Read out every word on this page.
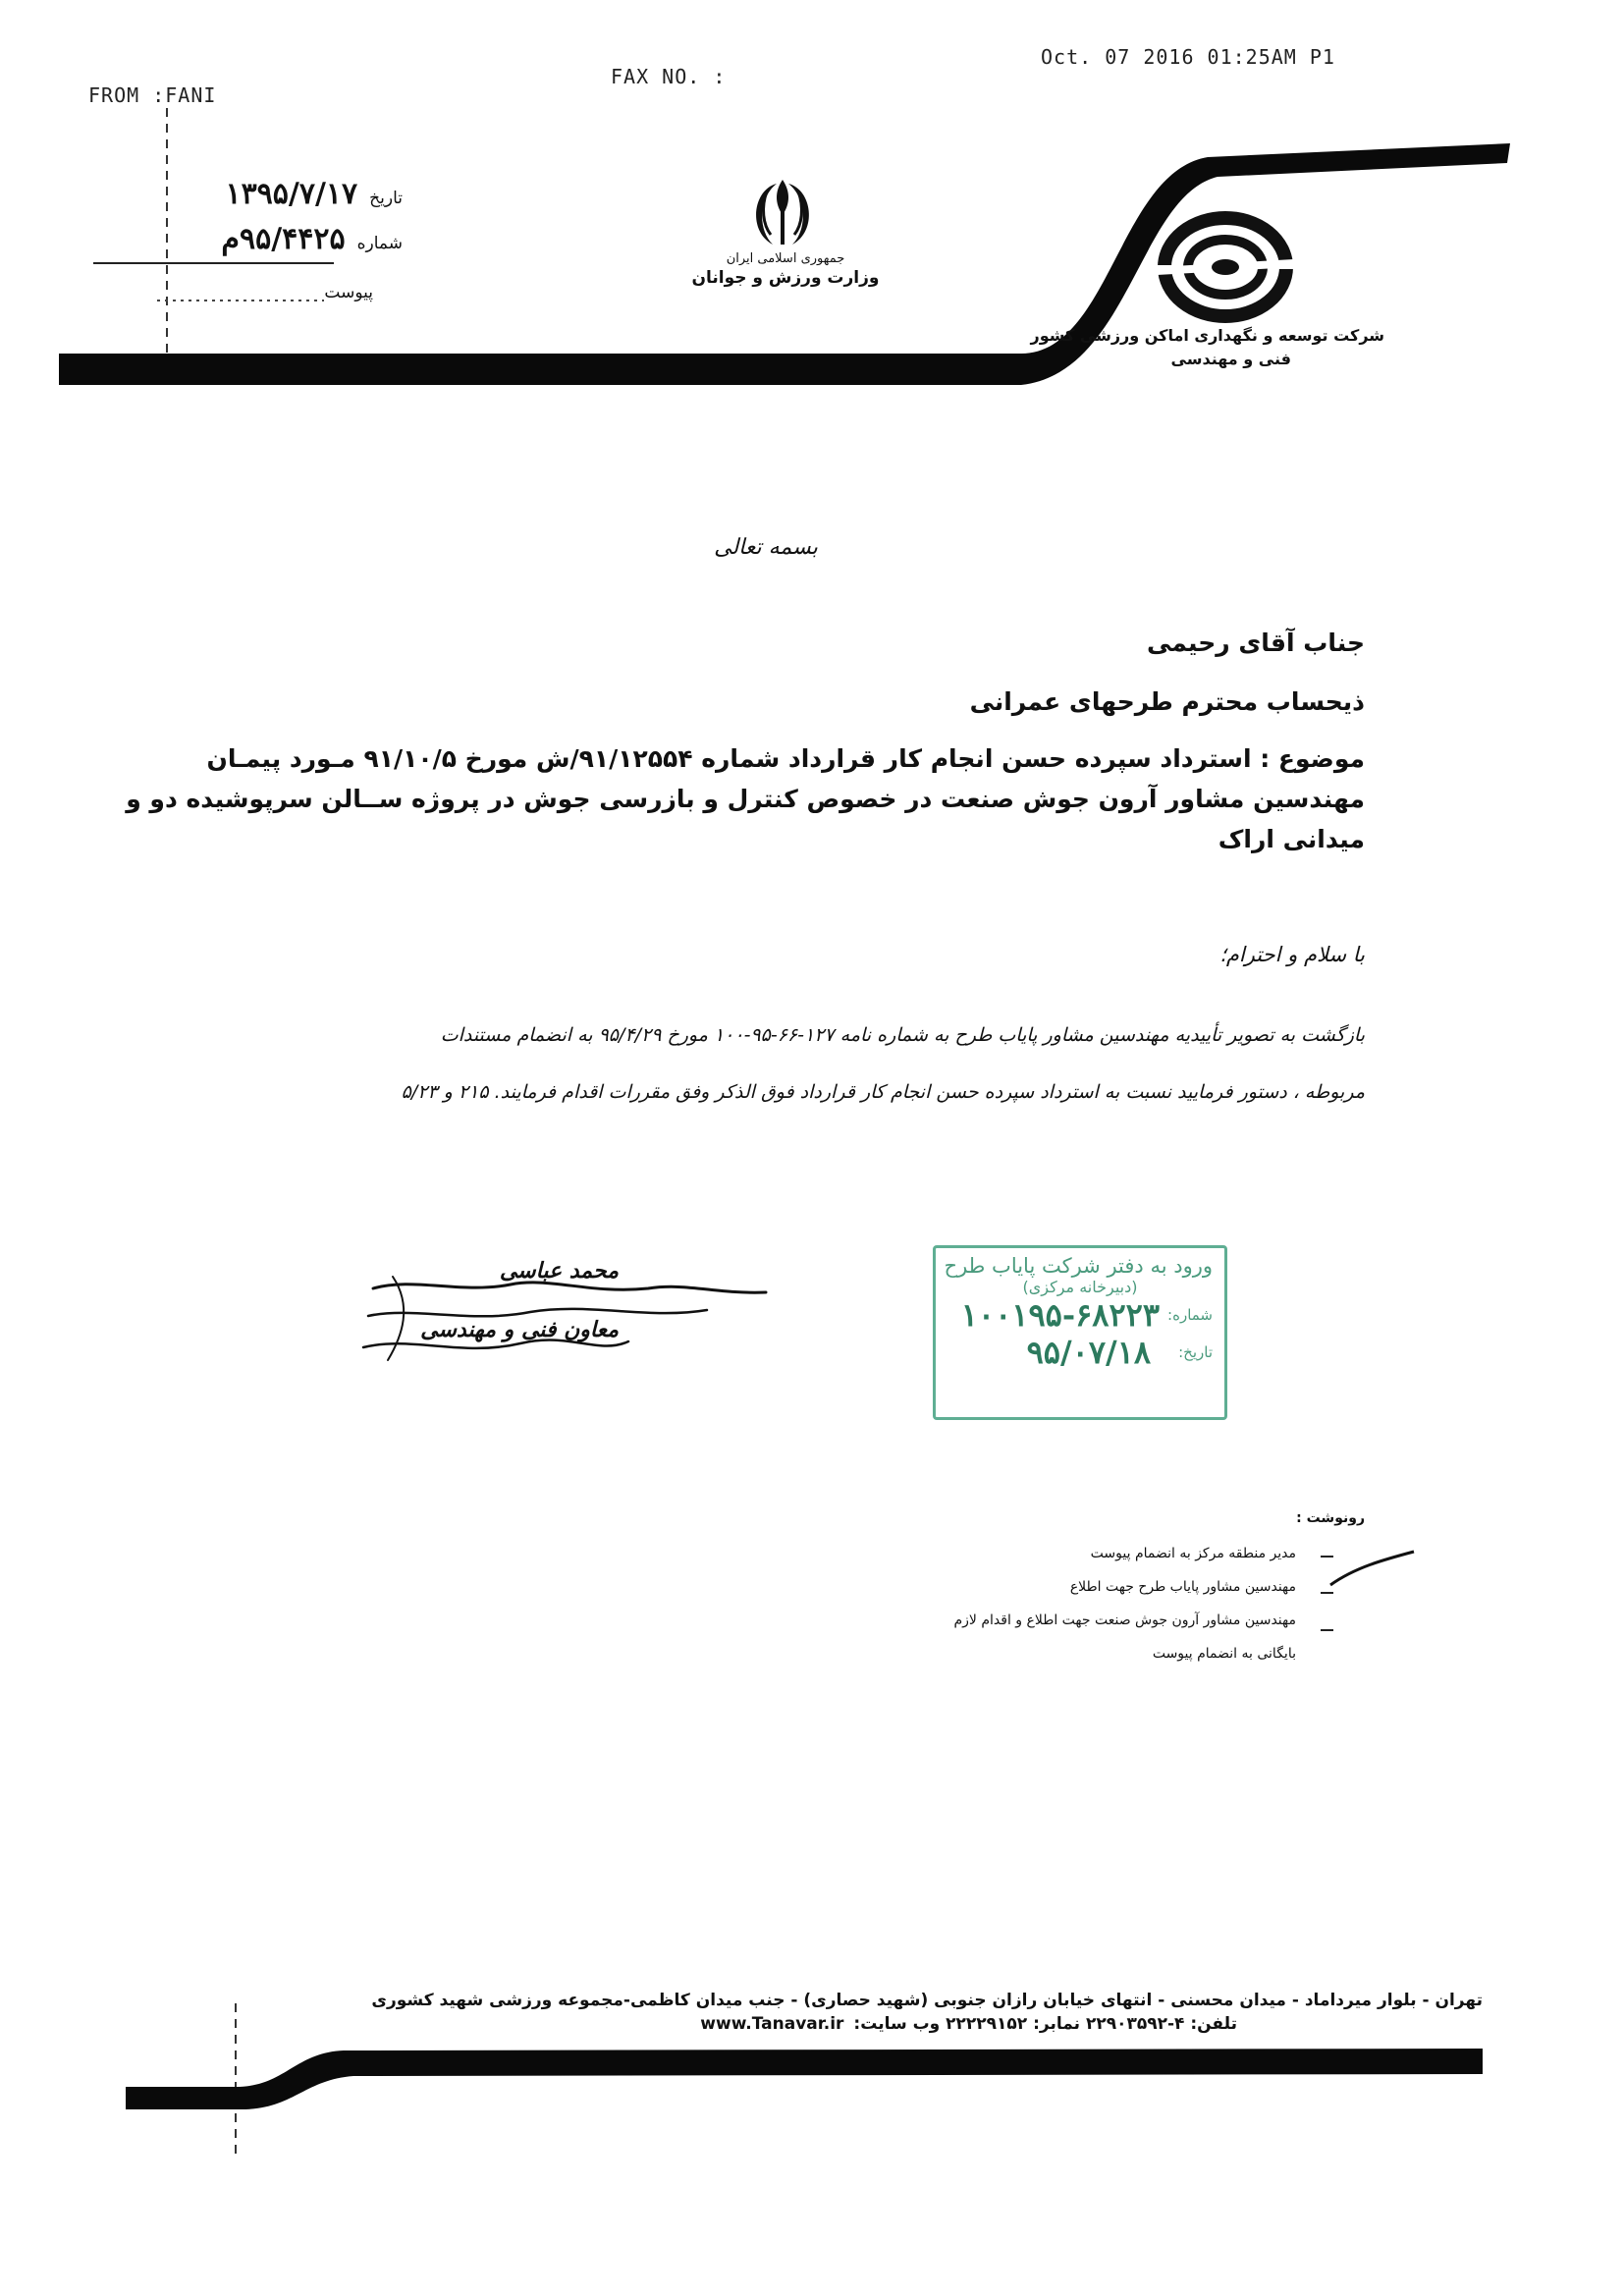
FROM :FANI
FAX NO. :
Oct. 07 2016 01:25AM P1
تاریخ
۱۳۹۵/۷/۱۷
شماره
۹۵/۴۴۲۵م
پیوست
جمهوری اسلامی ایران
وزارت ورزش و جوانان
شرکت توسعه و نگهداری اماکن ورزشی کشور
فنی و مهندسی
بسمه تعالی
جناب آقای رحیمی
ذیحساب محترم طرحهای عمرانی
موضوع : استرداد سپرده حسن انجام کار قرارداد شماره ۹۱/۱۲۵۵۴/ش مورخ ۹۱/۱۰/۵ مـورد پیمـان
مهندسین مشاور آرون جوش صنعت در خصوص کنترل و بازرسی جوش در پروژه ســالن سرپوشیده دو و
میدانی اراک
با سلام و احترام؛
بازگشت به تصویر تأییدیه مهندسین مشاور پایاب طرح به شماره نامه ۱۲۷-۶۶-۹۵-۱۰۰ مورخ ۹۵/۴/۲۹ به انضمام مستندات
مربوطه ، دستور فرمایید نسبت به استرداد سپرده حسن انجام کار قرارداد فوق الذکر وفق مقررات اقدام فرمایند. ۲۱۵ و ۵/۲۳
محمد عباسی
معاون فنی و مهندسی
ورود به دفتر شرکت پایاب طرح
(دبیرخانه مرکزی)
شماره:
۱۰۰۱۹۵-۶۸۲۲۳
تاریخ:
۹۵/۰۷/۱۸
رونوشت :
مدیر منطقه مرکز به انضمام پیوست
مهندسین مشاور پایاب طرح جهت اطلاع
مهندسین مشاور آرون جوش صنعت جهت اطلاع و اقدام لازم
بایگانی به انضمام پیوست
تهران - بلوار میرداماد - میدان محسنی - انتهای خیابان رازان جنوبی (شهید حصاری) - جنب میدان کاظمی-مجموعه ورزشی شهید کشوری
تلفن: ۴-۲۲۹۰۳۵۹۲ نمابر: ۲۲۲۲۹۱۵۲ وب سایت:
www.Tanavar.ir
